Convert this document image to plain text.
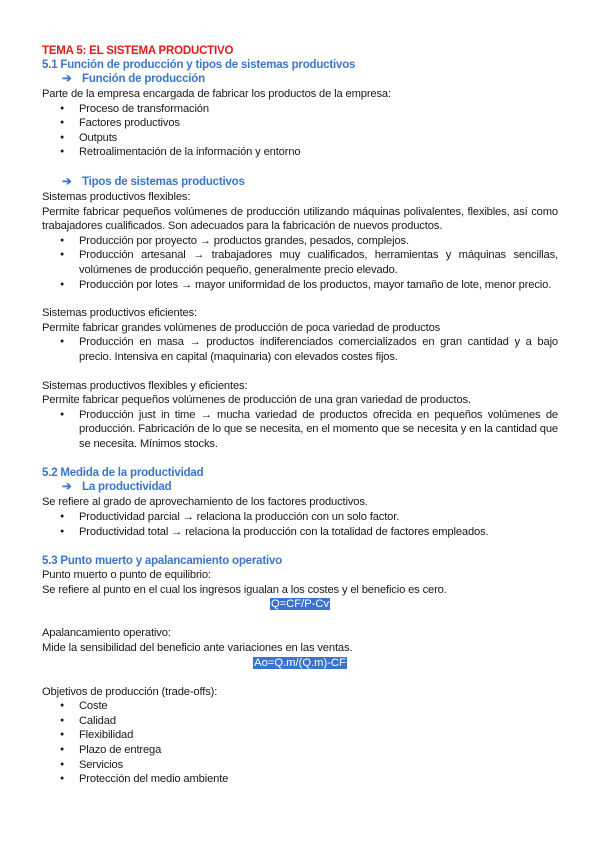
TEMA 5: EL SISTEMA PRODUCTIVO
5.1 Función de producción y tipos de sistemas productivos
➔ Función de producción

Parte de la empresa encargada de fabricar los productos de la empresa:

● Proceso de transformación
● Factores productivos
● Outputs
● Retroalimentación de la información y entorno
➔ Tipos de sistemas productivos

Sistemas productivos flexibles:

Permite fabricar pequeños volúmenes de producción utilizando máquinas polivalentes, flexibles, así como trabajadores cualificados. Son adecuados para la fabricación de nuevos productos.

● Producción por proyecto → productos grandes, pesados, complejos.
● Producción artesanal → trabajadores muy cualificados, herramientas y máquinas sencillas, volúmenes de producción pequeño, generalmente precio elevado.
● Producción por lotes → mayor uniformidad de los productos, mayor tamaño de lote, menor precio.

Sistemas productivos eficientes:

Permite fabricar grandes volúmenes de producción de poca variedad de productos

● Producción en masa → productos indiferenciados comercializados en gran cantidad y a bajo precio. Intensiva en capital (maquinaria) con elevados costes fijos.

Sistemas productivos flexibles y eficientes:

Permite fabricar pequeños volúmenes de producción de una gran variedad de productos.

● Producción just in time → mucha variedad de productos ofrecida en pequeños volúmenes de producción. Fabricación de lo que se necesita, en el momento que se necesita y en la cantidad que se necesita. Mínimos stocks.
5.2 Medida de la productividad
➔ La productividad

Se refiere al grado de aprovechamiento de los factores productivos.

● Productividad parcial → relaciona la producción con un solo factor.
● Productividad total → relaciona la producción con la totalidad de factores empleados.
5.3 Punto muerto y apalancamiento operativo

Punto muerto o punto de equilibrio:

Se refiere al punto en el cual los ingresos igualan a los costes y el beneficio es cero.

Q=CF/P-Cv

Apalancamiento operativo:

Mide la sensibilidad del beneficio ante variaciones en las ventas.

Ao=Q.m/(Q.m)-CF

Objetivos de producción (trade-offs):

● Coste
● Calidad
● Flexibilidad
● Plazo de entrega
● Servicios
● Protección del medio ambiente
